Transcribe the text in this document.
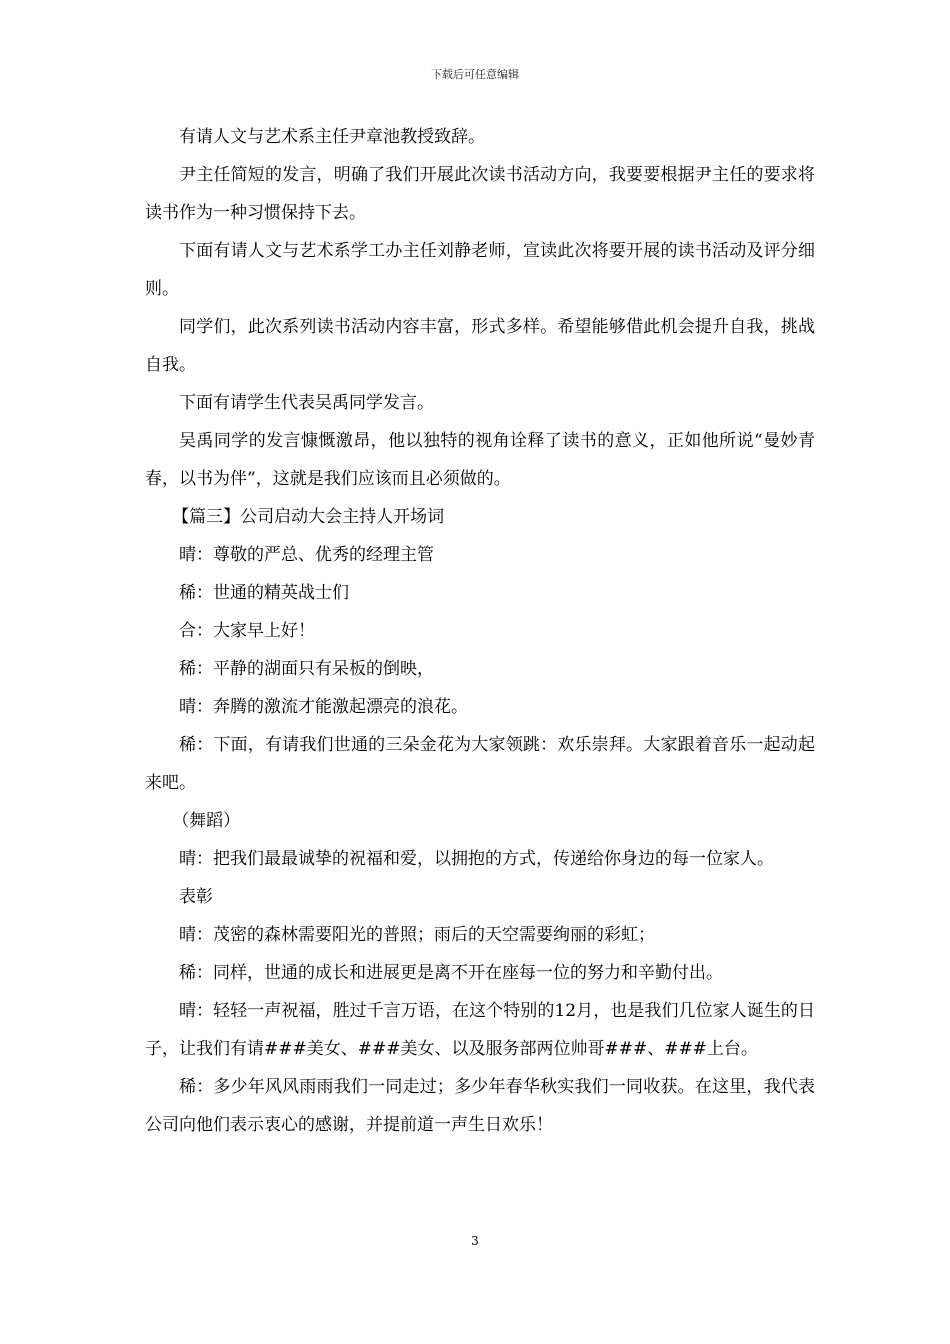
下载后可任意编辑

有请人文与艺术系主任尹章池教授致辞。

尹主任简短的发言，明确了我们开展此次读书活动方向，我要要根据尹主任的要求将读书作为一种习惯保持下去。

下面有请人文与艺术系学工办主任刘静老师，宣读此次将要开展的读书活动及评分细则。

同学们，此次系列读书活动内容丰富，形式多样。希望能够借此机会提升自我，挑战自我。

下面有请学生代表吴禹同学发言。

吴禹同学的发言慷慨激昂，他以独特的视角诠释了读书的意义，正如他所说“曼妙青春，以书为伴”，这就是我们应该而且必须做的。

【篇三】公司启动大会主持人开场词

晴：尊敬的严总、优秀的经理主管

稀：世通的精英战士们

合：大家早上好！

稀：平静的湖面只有呆板的倒映，

晴：奔腾的激流才能激起漂亮的浪花。

稀：下面，有请我们世通的三朵金花为大家领跳：欢乐崇拜。大家跟着音乐一起动起来吧。

（舞蹈）

晴：把我们最最诚挚的祝福和爱，以拥抱的方式，传递给你身边的每一位家人。

表彰

晴：茂密的森林需要阳光的普照；雨后的天空需要绚丽的彩虹；

稀：同样，世通的成长和进展更是离不开在座每一位的努力和辛勤付出。

晴：轻轻一声祝福，胜过千言万语，在这个特别的12月，也是我们几位家人诞生的日子，让我们有请###美女、###美女、以及服务部两位帅哥###、###上台。

稀：多少年风风雨雨我们一同走过；多少年春华秋实我们一同收获。在这里，我代表公司向他们表示衷心的感谢，并提前道一声生日欢乐！

3
